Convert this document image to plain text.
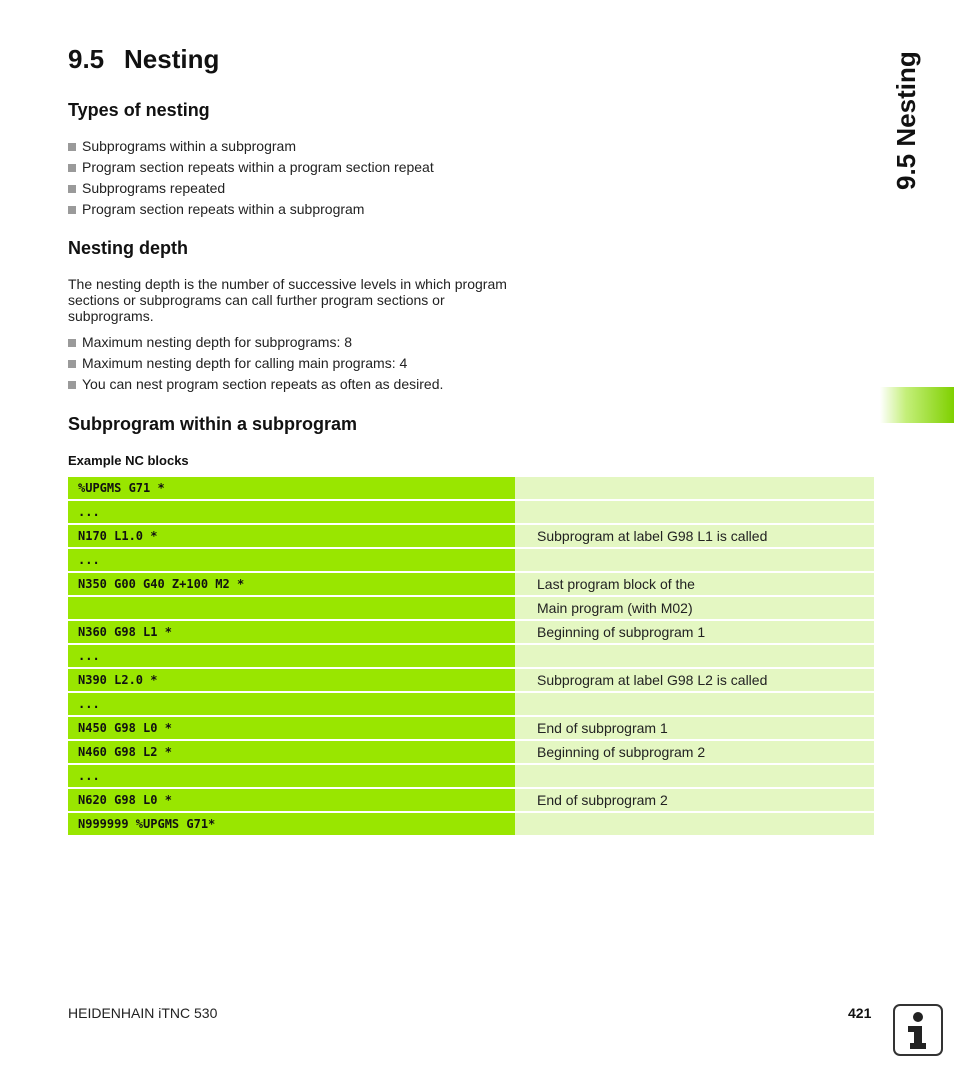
9.5 Nesting
Types of nesting
Subprograms within a subprogram
Program section repeats within a program section repeat
Subprograms repeated
Program section repeats within a subprogram
Nesting depth

The nesting depth is the number of successive levels in which program sections or subprograms can call further program sections or subprograms.

Maximum nesting depth for subprograms: 8
Maximum nesting depth for calling main programs: 4
You can nest program section repeats as often as desired.
Subprogram within a subprogram

Example NC blocks

%UPGMS G71 *
...
N170 L1.0 *	Subprogram at label G98 L1 is called
...
N350 G00 G40 Z+100 M2 *	Last program block of the
Main program (with M02)
N360 G98 L1 *	Beginning of subprogram 1
...
N390 L2.0 *	Subprogram at label G98 L2 is called
...
N450 G98 L0 *	End of subprogram 1
N460 G98 L2 *	Beginning of subprogram 2
...
N620 G98 L0 *	End of subprogram 2
N999999 %UPGMS G71*
9.5 Nesting
HEIDENHAIN iTNC 530	421
